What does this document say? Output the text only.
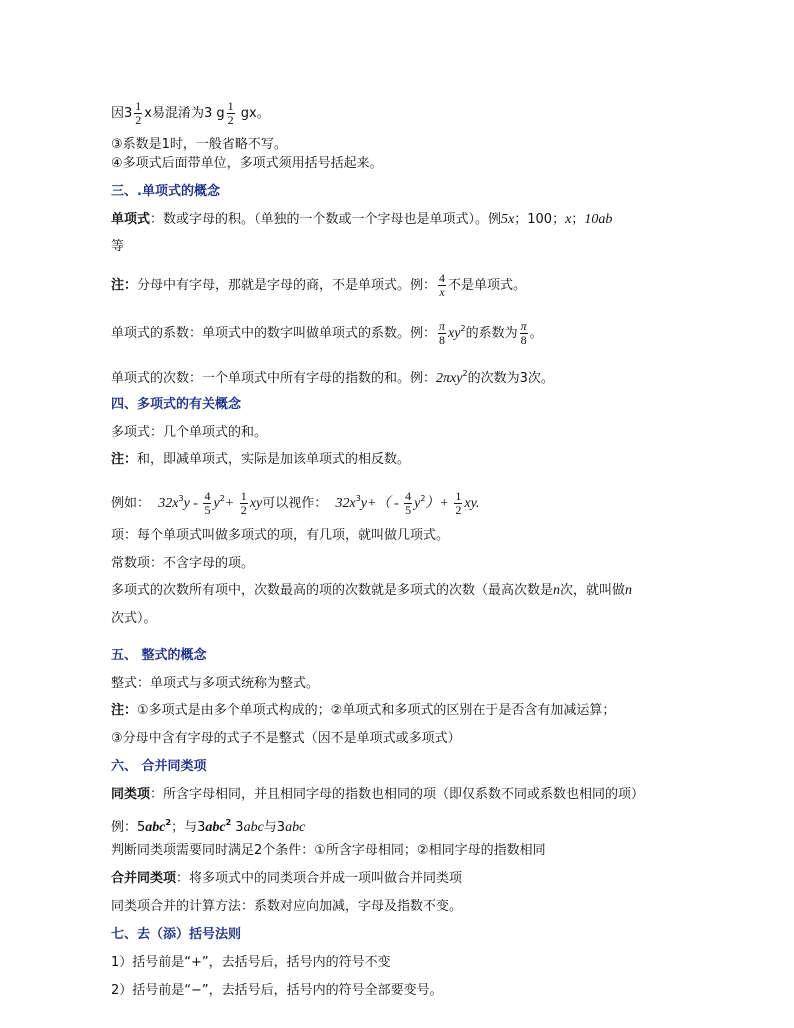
因$3 \frac{1}{2}$ x易混淆为3 g $\frac{1}{2}$ gx。
③系数是1时，一般省略不写。
④多项式后面带单位，多项式须用括号括起来。
三、.单项式的概念
单项式：数或字母的积。（单独的一个数或一个字母也是单项式）。例5x；100；x；10ab
等
注：分母中有字母，那就是字母的商，不是单项式。例： $\frac{4}{x}$ 不是单项式。
单项式的系数：单项式中的数字叫做单项式的系数。例： $\frac{\pi}{8} xy^2$的系数为 $\frac{\pi}{8}$ 。
单项式的次数：一个单项式中所有字母的指数的和。例：2πxy$^2$的次数为3次。
四、多项式的有关概念
多项式：几个单项式的和。
注：和，即减单项式，实际是加该单项式的相反数。
例如： $32x^3y - \frac{4}{5} y^2+ \frac{1}{2}$ xy可以视作： $32x^3y+( - \frac{4}{5} y^2)+ \frac{1}{2}$ xy.
项：每个单项式叫做多项式的项，有几项，就叫做几项式。
常数项：不含字母的项。
多项式的次数所有项中，次数最高的项的次数就是多项式的次数（最高次数是n次，就叫做n
次式）。
五、 整式的概念
整式：单项式与多项式统称为整式。
注：①多项式是由多个单项式构成的；②单项式和多项式的区别在于是否含有加减运算；
③分母中含有字母的式子不是整式（因不是单项式或多项式）
六、 合并同类项
同类项：所含字母相同，并且相同字母的指数也相同的项（即仅系数不同或系数也相同的项）
例：5abc$^2$；与3abc$^2$ 3abc与3abc
判断同类项需要同时满足2个条件：①所含字母相同；②相同字母的指数相同
合并同类项：将多项式中的同类项合并成一项叫做合并同类项
同类项合并的计算方法：系数对应向加减，字母及指数不变。
七、去（添）括号法则
1）括号前是“+”，去括号后，括号内的符号不变
2）括号前是“−”，去括号后，括号内的符号全部要变号。
